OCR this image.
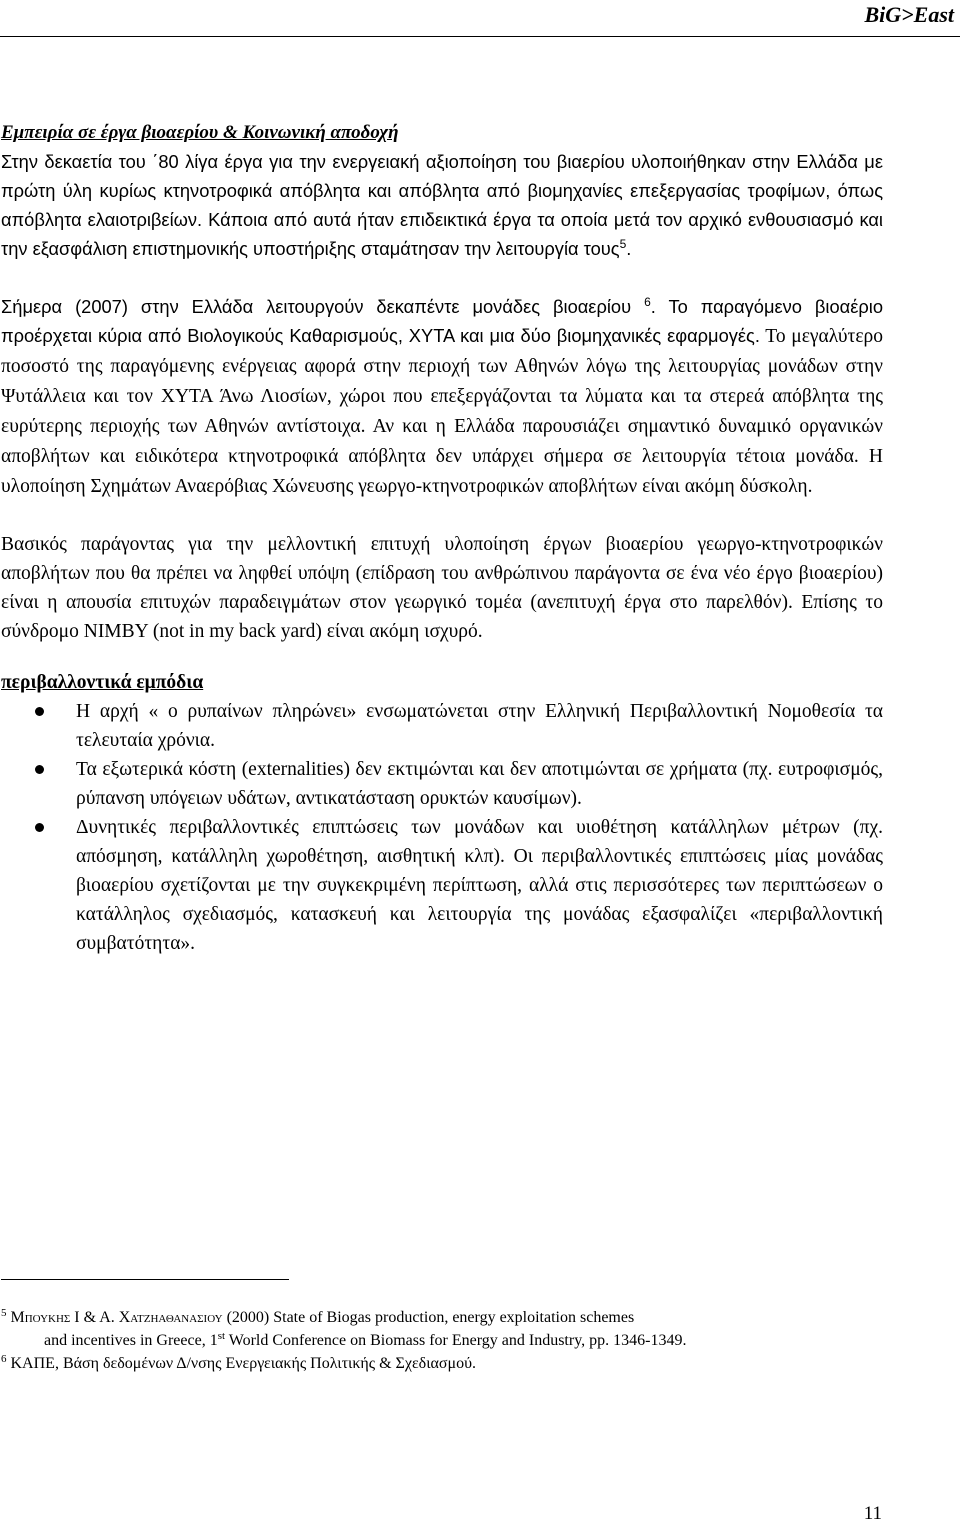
BiG>East

Εμπειρία σε έργα βιοαερίου & Κοινωνική αποδοχή

Στην δεκαετία του ΄80 λίγα έργα για την ενεργειακή αξιοποίηση του βιαερίου υλοποιήθηκαν στην Ελλάδα με πρώτη ύλη κυρίως κτηνοτροφικά απόβλητα και απόβλητα από βιομηχανίες επεξεργασίας τροφίμων, όπως απόβλητα ελαιοτριβείων. Κάποια από αυτά ήταν επιδεικτικά έργα τα οποία μετά τον αρχικό ενθουσιασμό και την εξασφάλιση επιστημονικής υποστήριξης σταμάτησαν την λειτουργία τους$^5$.

Σήμερα (2007) στην Ελλάδα λειτουργούν δεκαπέντε μονάδες βιοαερίου $^6$. Το παραγόμενο βιοαέριο προέρχεται κύρια από Βιολογικούς Καθαρισμούς, ΧΥΤΑ και μια δύο βιομηχανικές εφαρμογές. Το μεγαλύτερο ποσοστό της παραγόμενης ενέργειας αφορά στην περιοχή των Αθηνών λόγω της λειτουργίας μονάδων στην Ψυτάλλεια και τον ΧΥΤΑ Άνω Λιοσίων, χώροι που επεξεργάζονται τα λύματα και τα στερεά απόβλητα της ευρύτερης περιοχής των Αθηνών αντίστοιχα. Αν και η Ελλάδα παρουσιάζει σημαντικό δυναμικό οργανικών αποβλήτων και ειδικότερα κτηνοτροφικά απόβλητα δεν υπάρχει σήμερα σε λειτουργία τέτοια μονάδα. Η υλοποίηση Σχημάτων Αναερόβιας Χώνευσης γεωργο-κτηνοτροφικών αποβλήτων είναι ακόμη δύσκολη.

Βασικός παράγοντας για την μελλοντική επιτυχή υλοποίηση έργων βιοαερίου γεωργο-κτηνοτροφικών αποβλήτων που θα πρέπει να ληφθεί υπόψη (επίδραση του ανθρώπινου παράγοντα σε ένα νέο έργο βιοαερίου) είναι η απουσία επιτυχών παραδειγμάτων στον γεωργικό τομέα (ανεπιτυχή έργα στο παρελθόν). Επίσης το σύνδρομο NIMBY (not in my back yard) είναι ακόμη ισχυρό.

περιβαλλοντικά εμπόδια

Η αρχή « ο ρυπαίνων πληρώνει» ενσωματώνεται στην Ελληνική Περιβαλλοντική Νομοθεσία τα τελευταία χρόνια.
Τα εξωτερικά κόστη (externalities) δεν εκτιμώνται και δεν αποτιμώνται σε χρήματα (πχ. ευτροφισμός, ρύπανση υπόγειων υδάτων, αντικατάσταση ορυκτών καυσίμων).
Δυνητικές περιβαλλοντικές επιπτώσεις των μονάδων και υιοθέτηση κατάλληλων μέτρων (πχ. απόσμηση, κατάλληλη χωροθέτηση, αισθητική κλπ). Οι περιβαλλοντικές επιπτώσεις μίας μονάδας βιοαερίου σχετίζονται με την συγκεκριμένη περίπτωση, αλλά στις περισσότερες των περιπτώσεων ο κατάλληλος σχεδιασμός, κατασκευή και λειτουργία της μονάδας εξασφαλίζει «περιβαλλοντική συμβατότητα».

$^5$ Μπουκης Ι & Α. Χατζηαθανασιου (2000) State of Biogas production, energy exploitation schemes

and incentives in Greece, 1st World Conference on Biomass for Energy and Industry, pp. 1346-1349.

$^6$ ΚΑΠΕ, Βάση δεδομένων Δ/νσης Ενεργειακής Πολιτικής & Σχεδιασμού.

11
